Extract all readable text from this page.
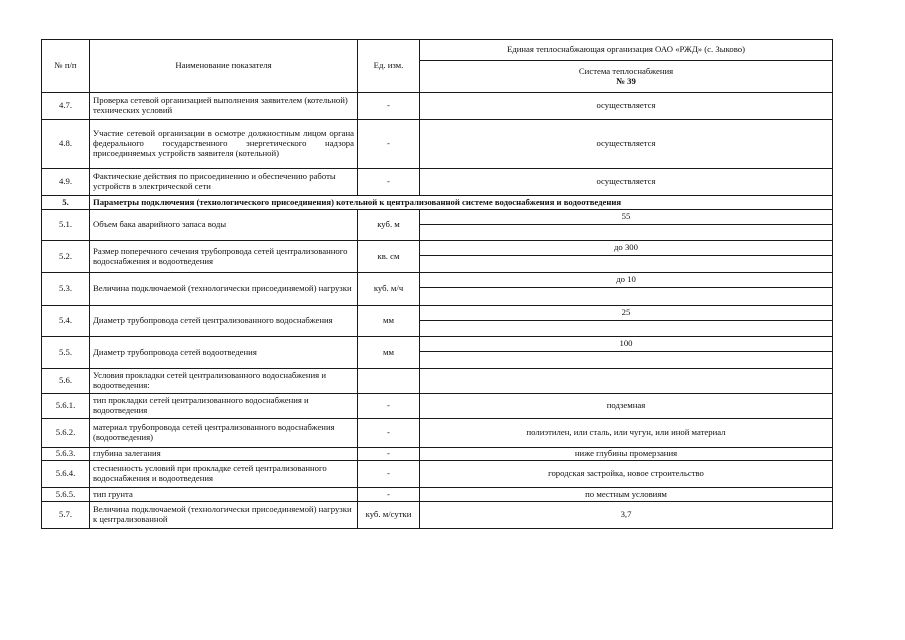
№ п/п	Наименование показателя	Ед. изм.	Единая теплоснабжающая организация ОАО «РЖД» (с. Зыково)

			Система теплоснабжения
№ 39

4.7.	Проверка сетевой организацией выполнения заявителем (котельной) технических условий	-	осуществляется
4.8.	Участие сетевой организации в осмотре должностным лицом органа федерального государственного энергетического надзора присоединяемых устройств заявителя (котельной)	-	осуществляется
4.9.	Фактические действия по присоединению и обеспечению работы устройств в электрической сети	-	осуществляется
5.	Параметры подключения (технологического присоединения) котельной к централизованной системе водоснабжения и водоотведения		
5.1.	Объем бака аварийного запаса воды	куб. м	55

5.2.	Размер поперечного сечения трубопровода сетей централизованного водоснабжения и водоотведения	кв. см	до 300

5.3.	Величина подключаемой (технологически присоединяемой) нагрузки	куб. м/ч	до 10

5.4.	Диаметр трубопровода сетей централизованного водоснабжения	мм	25

5.5.	Диаметр трубопровода сетей водоотведения	мм	100

5.6.	Условия прокладки сетей централизованного водоснабжения и водоотведения:		
5.6.1.	тип прокладки сетей централизованного водоснабжения и водоотведения	-	подземная
5.6.2.	материал трубопровода сетей централизованного водоснабжения (водоотведения)	-	полиэтилен, или сталь, или чугун, или иной материал
5.6.3.	глубина залегания	-	ниже глубины промерзания
5.6.4.	стесненность условий при прокладке сетей централизованного водоснабжения и водоотведения	-	городская застройка, новое строительство
5.6.5.	тип грунта	-	по местным условиям
5.7.	Величина подключаемой (технологически присоединяемой) нагрузки к централизованной	куб. м/сутки	3,7
